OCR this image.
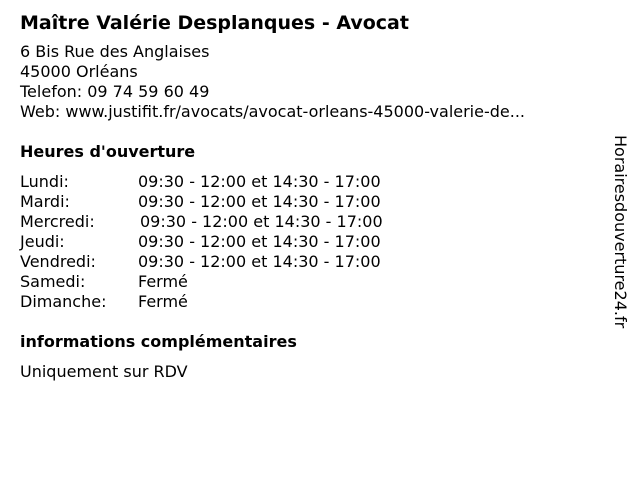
Maître Valérie Desplanques - Avocat
6 Bis Rue des Anglaises
45000 Orléans
Telefon: 09 74 59 60 49
Web: www.justifit.fr/avocats/avocat-orleans-45000-valerie-de...
Heures d'ouverture
Lundi:	09:30 - 12:00 et 14:30 - 17:00
Mardi:	09:30 - 12:00 et 14:30 - 17:00
Mercredi:	09:30 - 12:00 et 14:30 - 17:00
Jeudi:	09:30 - 12:00 et 14:30 - 17:00
Vendredi:	09:30 - 12:00 et 14:30 - 17:00
Samedi:	Fermé
Dimanche: Fermé
informations complémentaires
Uniquement sur RDV
Horairesdouverture24.fr
